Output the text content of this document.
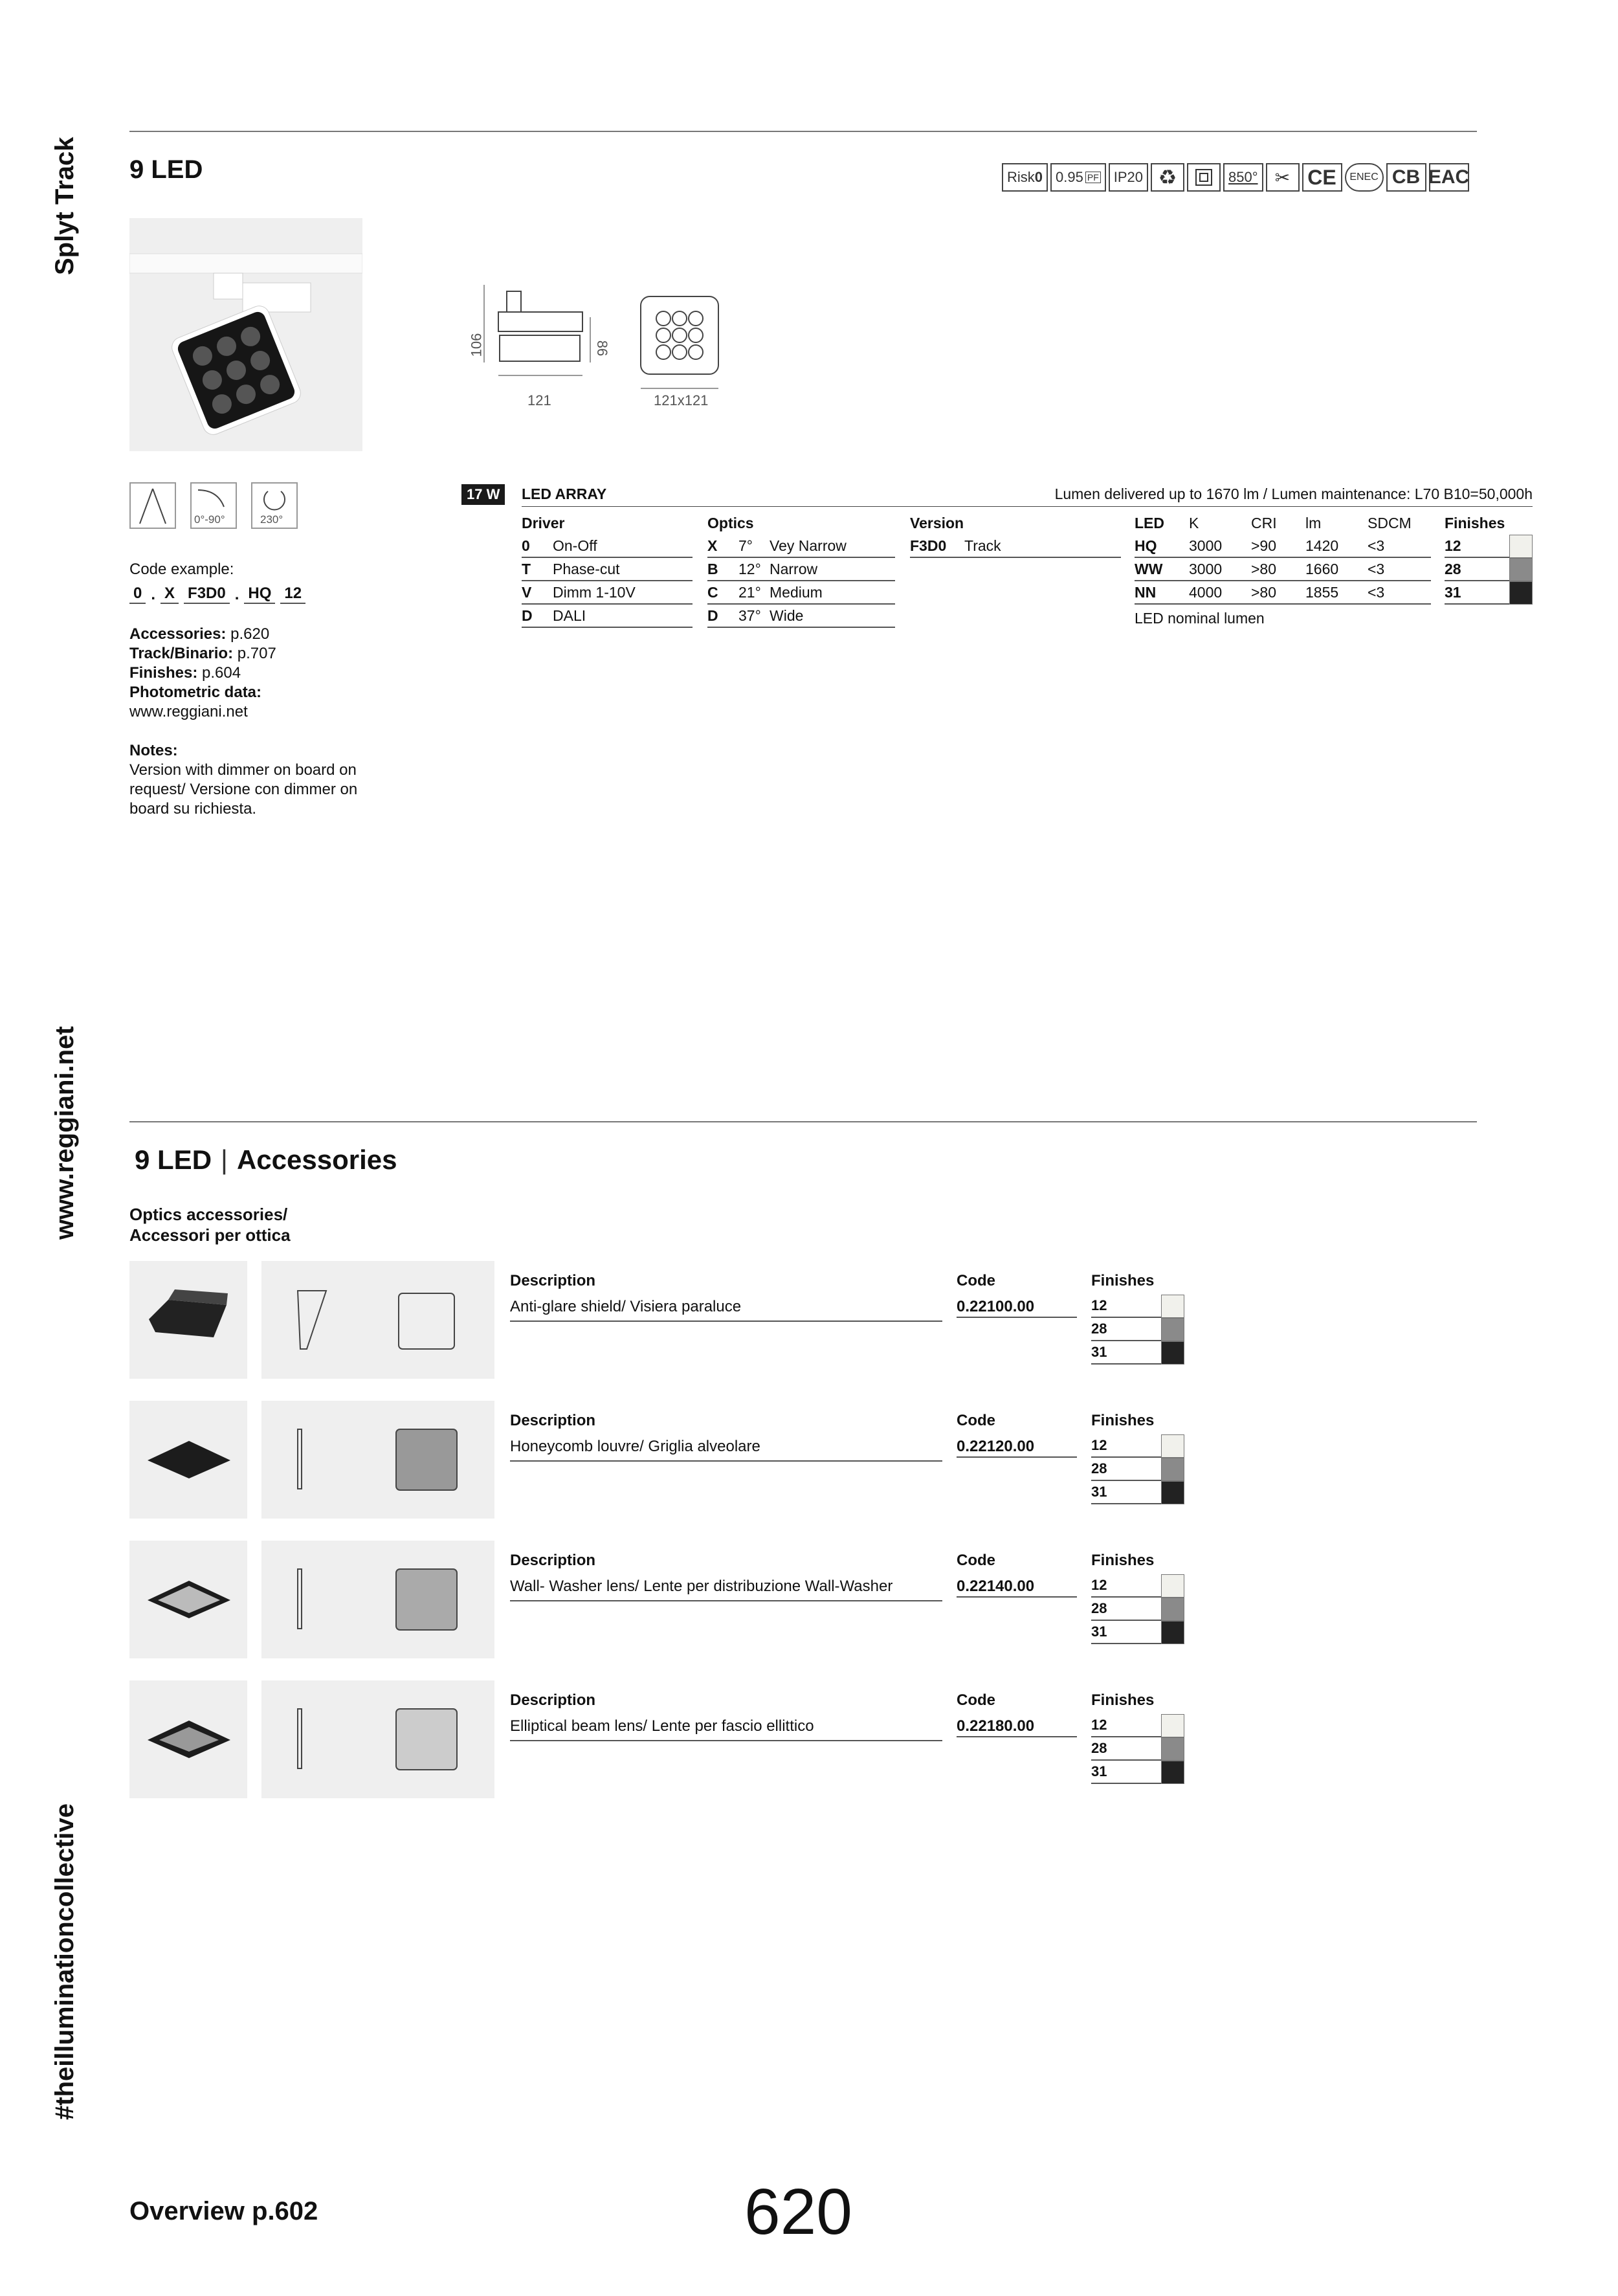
Splyt Track
www.reggiani.net
#theilluminationcollective
9 LED	Risk 0 0.95 PF	IP20 ♻	850° ✂ CE	ENEC CB EAC
106	86
121	121x121
0°-90°	230°
Code example:
0 . X F3D0 . HQ 12
Accessories: p.620
Track/Binario: p.707
Finishes: p.604
Photometric data:
www.reggiani.net
Notes:
Version with dimmer on board on request/ Versione con dimmer on board su richiesta.
17 W	LED ARRAY	Lumen delivered up to 1670 lm / Lumen maintenance: L70 B10=50,000h
Driver
0	On-Off
T	Phase-cut
V	Dimm 1-10V
D	DALI
Optics
X	7°	Vey Narrow
B	12° Narrow
C	21° Medium
D	37° Wide
Version
F3D0	Track
LED	K	CRI	lm	SDCM
HQ	3000	>90	1420	<3
WW	3000	>80	1660	<3
NN	4000	>80	1855	<3
LED nominal lumen
Finishes
12
28
31
9 LED | Accessories
Optics accessories/ Accessori per ottica
Description
Anti-glare shield/ Visiera paraluce
Code
0.22100.00
Finishes
12
28
31
Description
Honeycomb louvre/ Griglia alveolare
Code
0.22120.00
Finishes
12
28
31
Description
Wall- Washer lens/ Lente per distribuzione Wall-Washer
Code
0.22140.00
Finishes
12
28
31
Description
Elliptical beam lens/ Lente per fascio ellittico
Code
0.22180.00
Finishes
12
28
31
Overview p.602	620
